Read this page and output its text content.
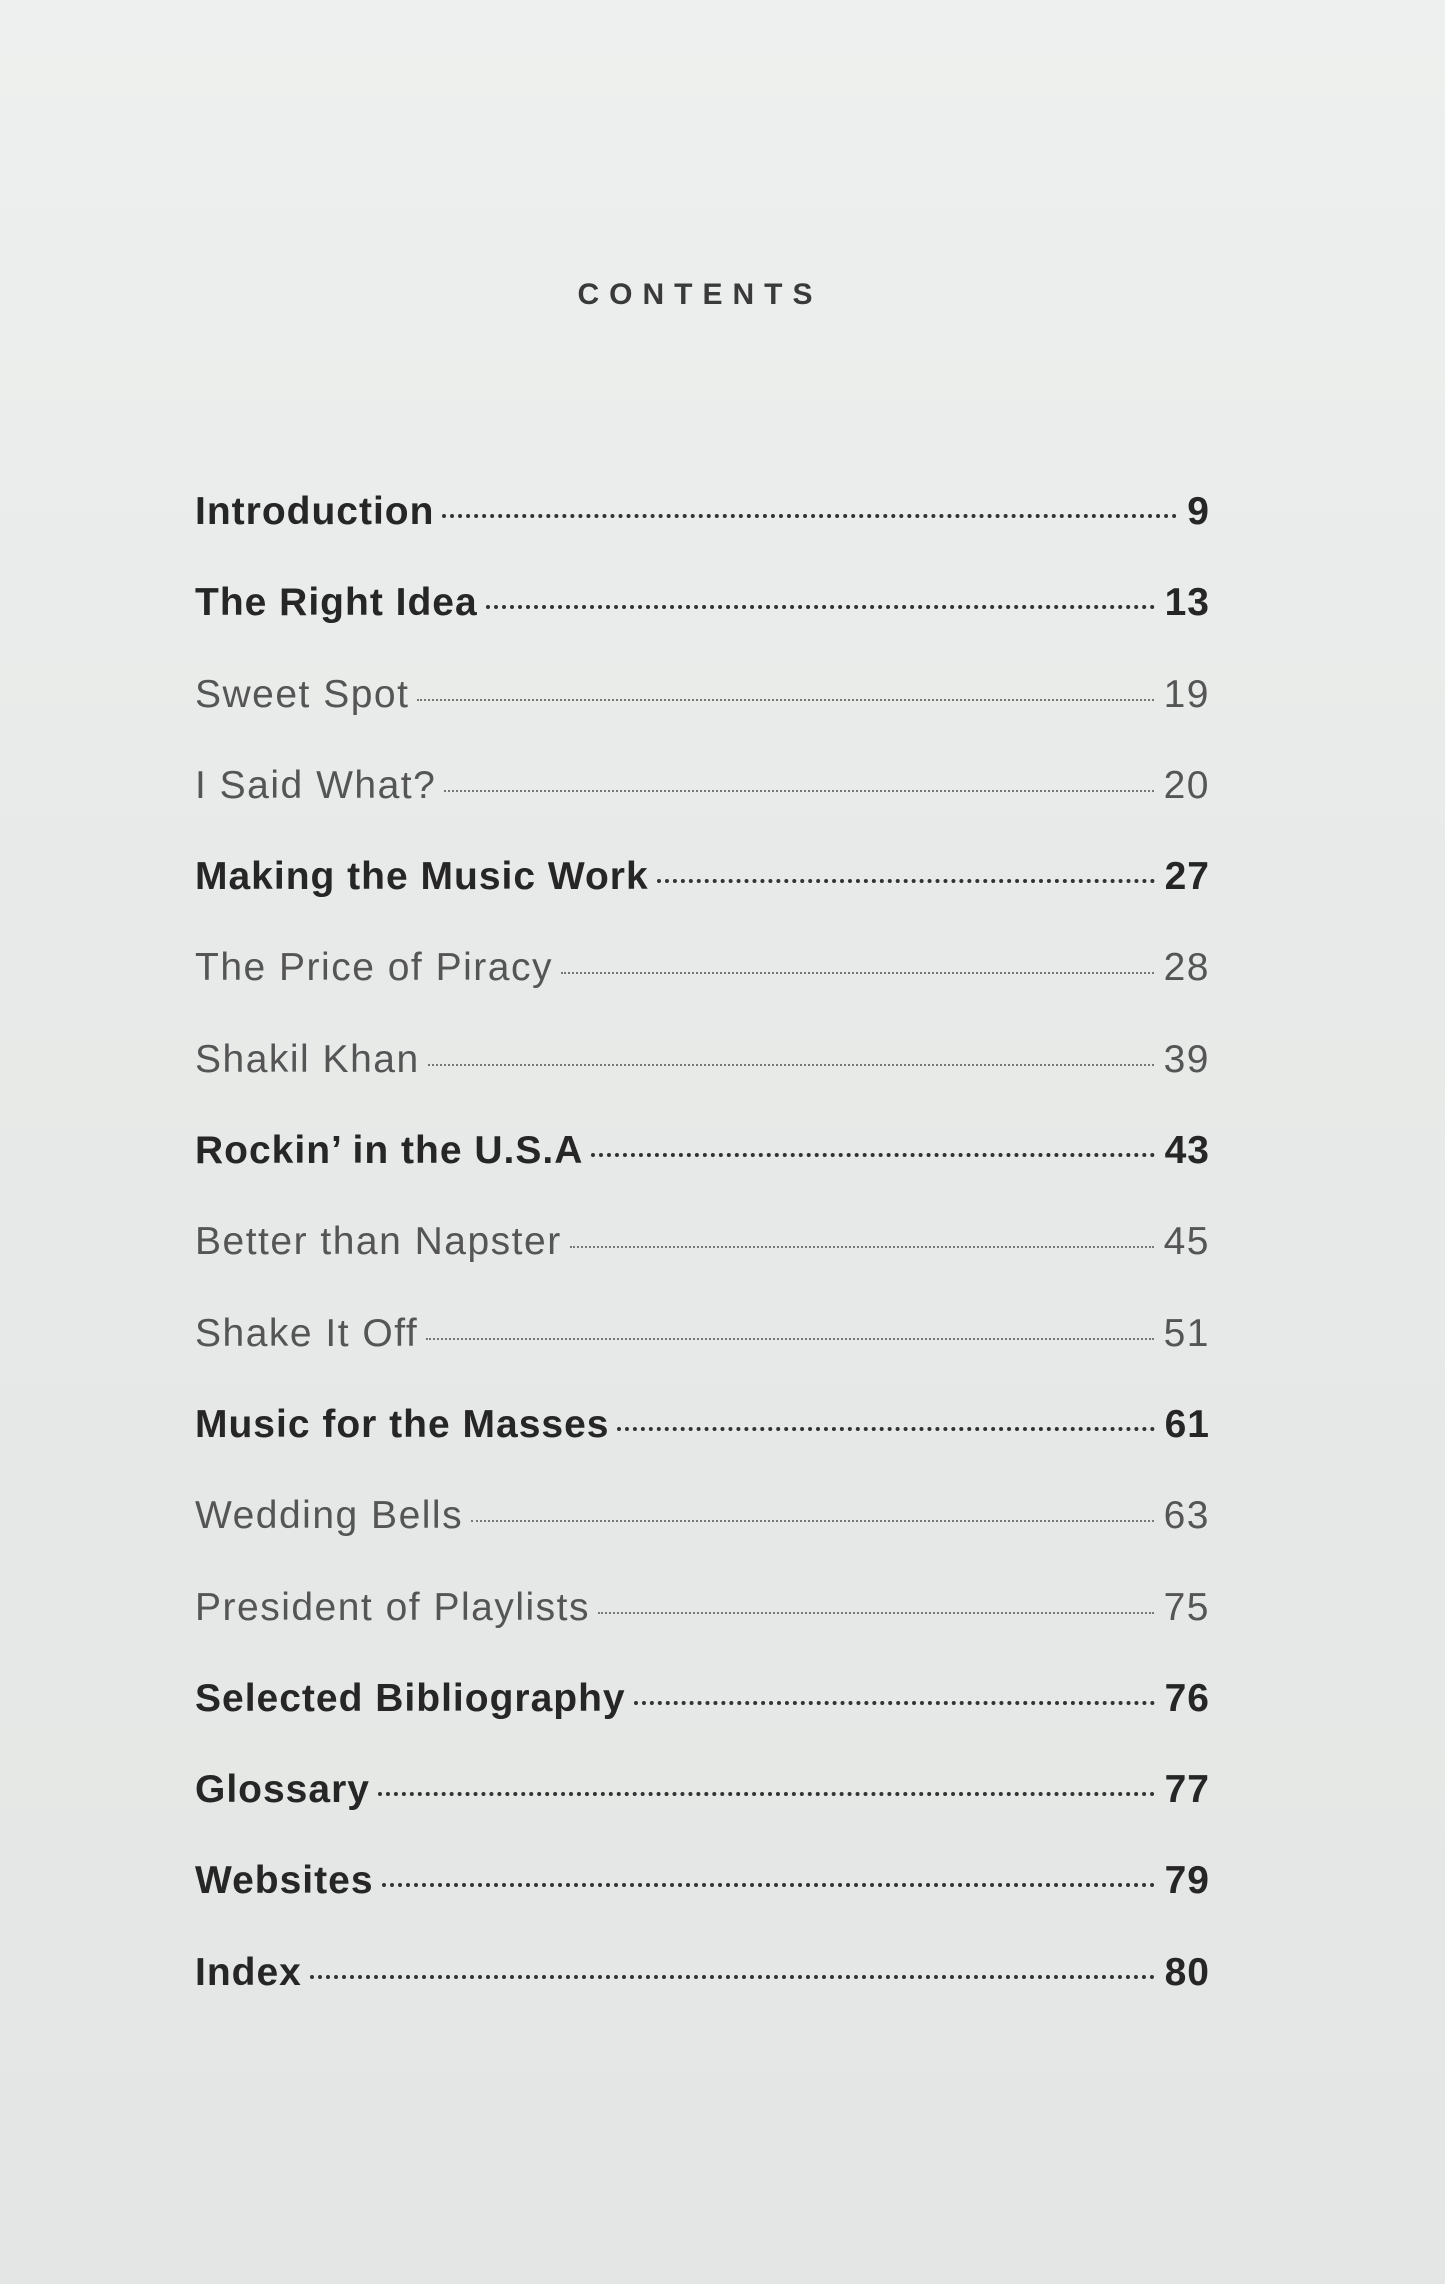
CONTENTS
Introduction	9
The Right Idea	13
Sweet Spot	19
I Said What?	20
Making the Music Work	27
The Price of Piracy	28
Shakil Khan	39
Rockin’ in the U.S.A	43
Better than Napster	45
Shake It Off	51
Music for the Masses	61
Wedding Bells	63
President of Playlists	75
Selected Bibliography	76
Glossary	77
Websites	79
Index	80
